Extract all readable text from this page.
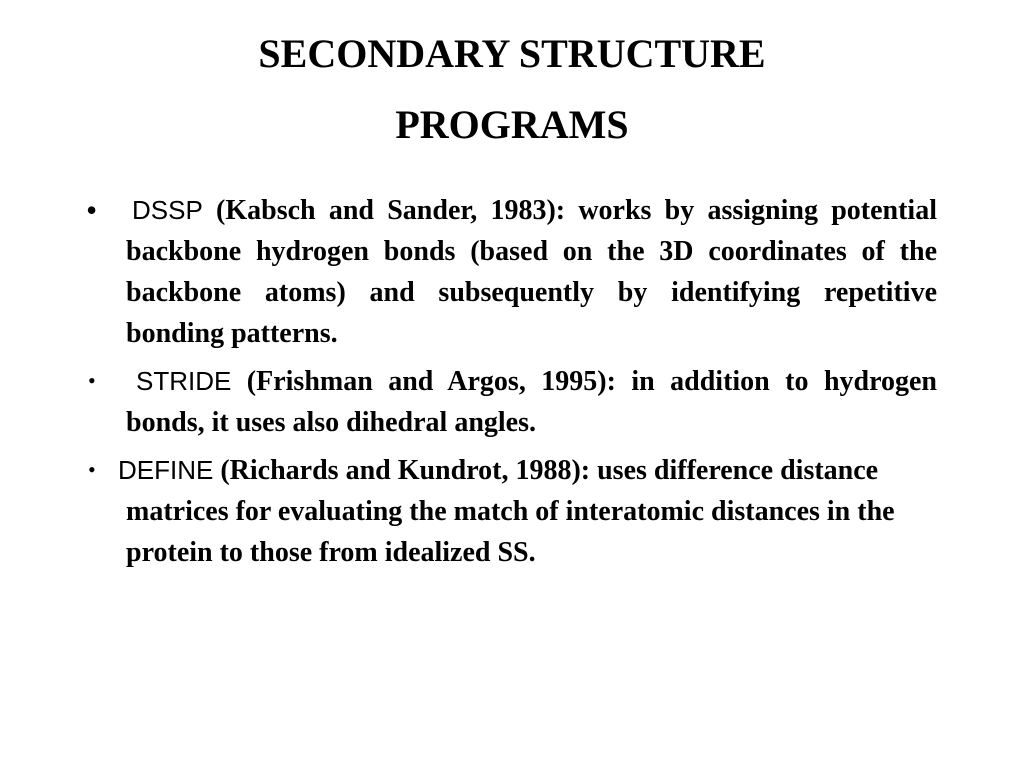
SECONDARY STRUCTURE
PROGRAMS
• DSSP (Kabsch and Sander, 1983): works by assigning potential backbone hydrogen bonds (based on the 3D coordinates of the backbone atoms) and subsequently by identifying repetitive bonding patterns.
• STRIDE (Frishman and Argos, 1995): in addition to hydrogen bonds, it uses also dihedral angles.
• DEFINE (Richards and Kundrot, 1988): uses difference distance matrices for evaluating the match of interatomic distances in the protein to those from idealized SS.
